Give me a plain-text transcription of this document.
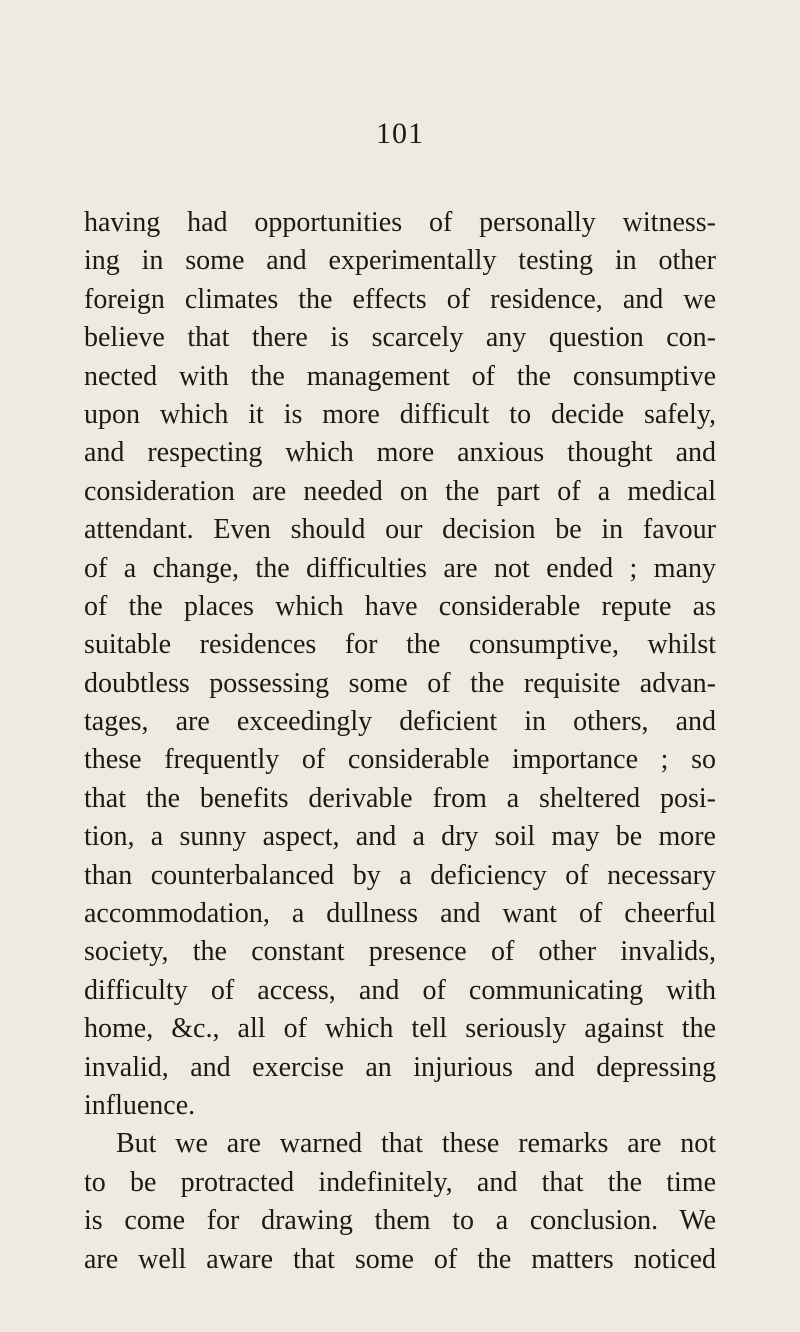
101
having had opportunities of personally witness-
ing in some and experimentally testing in other
foreign climates the effects of residence, and we
believe that there is scarcely any question con-
nected with the management of the consumptive
upon which it is more difficult to decide safely,
and respecting which more anxious thought and
consideration are needed on the part of a medical
attendant. Even should our decision be in favour
of a change, the difficulties are not ended ; many
of the places which have considerable repute as
suitable residences for the consumptive, whilst
doubtless possessing some of the requisite advan-
tages, are exceedingly deficient in others, and
these frequently of considerable importance ; so
that the benefits derivable from a sheltered posi-
tion, a sunny aspect, and a dry soil may be more
than counterbalanced by a deficiency of necessary
accommodation, a dullness and want of cheerful
society, the constant presence of other invalids,
difficulty of access, and of communicating with
home, &c., all of which tell seriously against the
invalid, and exercise an injurious and depressing
influence.
But we are warned that these remarks are not
to be protracted indefinitely, and that the time
is come for drawing them to a conclusion. We
are well aware that some of the matters noticed
